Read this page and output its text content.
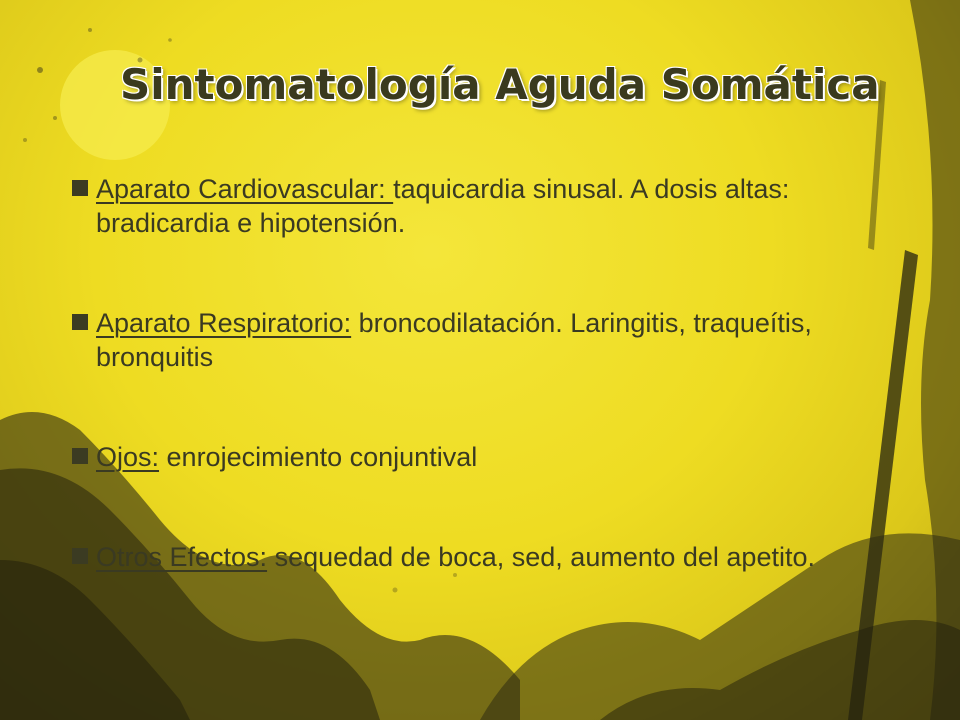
Sintomatología Aguda Somática
Aparato Cardiovascular: taquicardia sinusal. A dosis altas: bradicardia e hipotensión.
Aparato Respiratorio: broncodilatación. Laringitis, traqueítis, bronquitis
Ojos: enrojecimiento conjuntival
Otros Efectos: sequedad de boca, sed, aumento del apetito.
